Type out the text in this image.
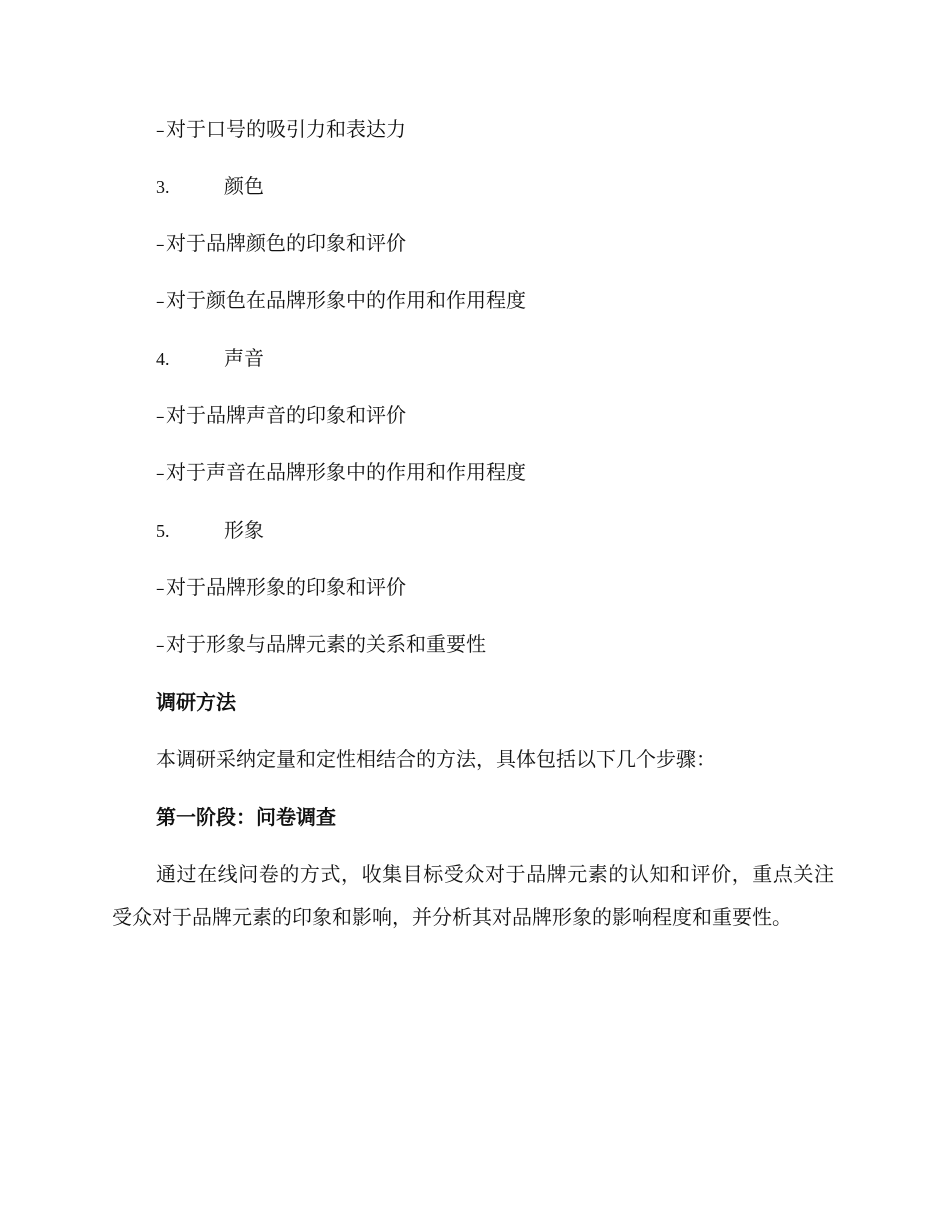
–对于口号的吸引力和表达力
3.	颜色
–对于品牌颜色的印象和评价
–对于颜色在品牌形象中的作用和作用程度
4.	声音
–对于品牌声音的印象和评价
–对于声音在品牌形象中的作用和作用程度
5.	形象
–对于品牌形象的印象和评价
–对于形象与品牌元素的关系和重要性
调研方法
本调研采纳定量和定性相结合的方法，具体包括以下几个步骤：
第一阶段：问卷调查
通过在线问卷的方式，收集目标受众对于品牌元素的认知和评价，重点关注受众对于品牌元素的印象和影响，并分析其对品牌形象的影响程度和重要性。
